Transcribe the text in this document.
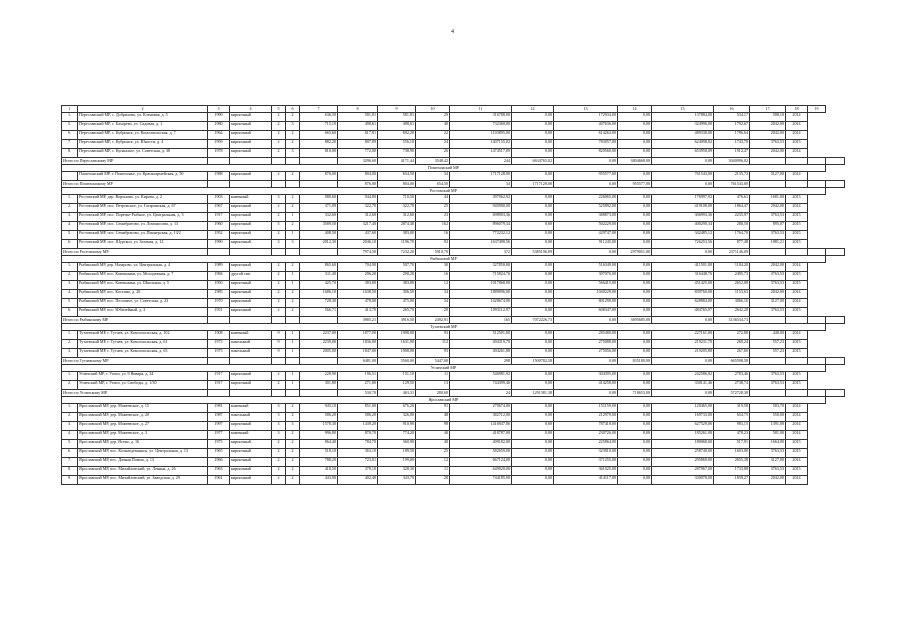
4
1	2	3	4	5	6	7	8	9	10	11	12	13	14	15	16	17	18	19	
1.	Переславский МР, с. Добрилово, ул. Кленовая, д. 5	1990	кирпичный	2	2	636,50	581,81	581,81	29	316788,00	0,00	172934,00	0,00	137884,00	534,17	588,10	2014		
5.	Переславский МР, с. Бахарево, ул. Садовая, д. 1	1980	кирпичный	2	3	715,10	498,61	498,61	40	732360,00	0,00	407636,00	0,00	324996,00	1792,67	2042,00	2014		
6.	Переславский МР, с. Кубринск, ул. Комсомольская, д. 7	1964	кирпичный	2	2	665,60	617,81	692,20	22	1103895,00	0,00	614263,00	0,00	489338,00	1786,64	2042,00	2014		
7.	Переславский МР, с. Кубринск, ул. Юности, д. 4	1959	кирпичный	2	2	882,20	807,09	556,10	24	1407155,02	0,00	783057,00	0,00	624098,02	1743,70	3763,53	2015		
8.	Переславский МР, с. Купанское, ул. Советская, д. 38	1978	кирпичный	2	3	810,00	772,00	738,90	26	1474517,09	0,00	820560,00	0,00	653958,09	1912,47	2042,00	2014		
Итого по Переславскому МР							3296,60	4171,44	3548,42	244	6634765,02	0,00	3804668,00	0,00	3040096,02				
Пошехонский МР																			
	Пошехонский МР, г. Пошехонье, ул. Красноармейская, д. 50	1988	кирпичный	2	2	876,00	804,00	654,50	34	1717128,00	0,00	955577,00	0,00	761543,00	2135,72	3127,00	2014		
Итого по Пошехонскому МР							876,00	804,00	654,50	34	1717128,00	0,00	955577,00	0,00	761543,00				
Ростовский МР																			
1.	Ростовский МР, дер. Воронино, ул. Кирова, д. 2	1903	каменный	3	2	980,60	944,80	710,50	44	397062,92	0,00	226065,00	0,00	176997,92	476,61	1681,00	2015		
2.	Ростовский МР, пос. Петровское, ул. Гагаринская, д. 67	1967	кирпичный	2	2	371,09	322,70	322,70	25	945900,00	0,00	525892,00	0,00	419108,00	1864,47	2942,00	2014		
3.	Ростовский МР, пос. Поречье-Рыбное, ул. Центральная, д. 3	1917	кирпичный	2	1	332,60	312,60	312,60	23	698903,36	0,00	388873,00	0,00	306993,36	2235,97	3763,53	2015		
4.	Ростовский МР, пос. Семибратово, ул. Ломоносова, д. 13	1960	кирпичный	5	2	3589,50	3217,40	2874,40	162	896079,34	0,00	502229,00	0,00	400290,34	280,50	895,07	2015		
5.	Ростовский МР, пос. Семибратово, ул. Пионерская, д. 13/2	1952	кирпичный	2	1	408,50	437,60	383,00	16	772232,12	0,00	429747,00	0,00	342485,12	1764,70	3763,53	2015		
6.	Ростовский МР, пос. Шурскол, ул. Зеленая, д. 12	1990	кирпичный	3	3	2012,30	2046,10	1196,70	92	1637498,56	0,00	911245,00	0,00	726253,56	877,48	1881,21	2015		
Итого по Ростовскому МР							7974,50	7232,20	5910,70	372	5385196,09	0,00	2979051,00	0,00	2371146,09				
Рыбинский МР																			
1.	Рыбинский МР, дер. Назарово, ул. Центральная, д. 4	1989	кирпичный	2	2	865,60	704,90	507,70	30	327850,00	0,00	516349,00	0,00	411501,00	1184,20	2042,00	2014		
2.	Рыбинский МР, пос. Каменники, ул. Молодежная, д. 7	1984	другой тип	2	1	311,40	296,20	290,20	16	715824,76	0,00	397076,00	0,00	316448,76	2495,73	3763,53	2015		
3.	Рыбинский МР, пос. Каменники, ул. Школьная, д. 5	1950	кирпичный	2	1	425,70	383,80	383,80	12	1017868,00	0,00	566415,00	0,00	451425,00	2652,08	3763,53	2015		
4.	Рыбинский МР, пос. Костино, д. 20	1985	кирпичный	2	2	1686,10	1638,50	306,50	34	1889096,00	0,00	1049229,00	0,00	839760,00	1153,63	2042,00	2014		
5.	Рыбинский МР, пос. Песочное, ул. Советская, д. 23	1970	кирпичный	2	2	728,30	478,00	475,00	34	1428674,00	0,00	801290,00	0,00	628884,00	3066,16	3127,00	2014		
6.	Рыбинский МР, пос. Юбилейный, д. 2	1951	кирпичный	2	2	566,71	413,70	265,70	20	1093112,97	0,00	608347,00	0,00	484765,97	2642,28	3763,53	2015		
Итого по Рыбинскому МР							3985,21	3916,50	2492,91	165	7072226,73	0,00	3695685,00	0,00	3136534,73				
Тутаевский МР																			
1.	Тутаевский МР, г. Тутаев, ул. Комсомольская, д. 102	1908	каменный	9	1	2237,00	1877,00	1908,00	93	512501,00	0,00	285480,00	0,00	227161,00	272,88	440,00	2014		
2.	Тутаевский МР, г. Тутаев, ул. Комсомольская, д. 61	1973	панельный	9	1	2239,00	1836,00	1631,00	112	494319,70	0,00	275088,00	0,00	219231,70	269,24	557,23	2015		
3.	Тутаевский МР, г. Тутаев, ул. Комсомольская, д. 63	1975	панельный	9	1	2005,00	1847,00	1908,00	93	494261,88	0,00	275056,00	0,00	219205,88	267,60	557,23	2015		
Итого по Тутаевскому МР							6481,00	5560,00	5447,00	298	1500782,58	0,00	835180,00	0,00	665598,58				
Угличский МР																			
1.	Угличский МР, г. Углич, ул. 9 Января, д. 34	1917	кирпичный	2	1	228,90	196,51	151,10	11	546981,92	0,00	304395,00	0,00	242586,92	2783,46	3763,53	2015		
2.	Угличский МР, г. Углич, ул. Свободы, д. 1/30	1917	кирпичный	2	1	301,80	271,80	129,50	13	744399,46	0,00	414258,00	0,00	330141,46	2738,74	3763,53	2015		
Итого по Угличскому МР							530,70	463,31	280,60	24	1291381,38	0,00	718653,00	0,00	572728,38				
Ярославский МР																			
1.	Ярославский МР, дер. Мокеевское, д. 15	1981	каменный	3	2	945,10	851,00	676,20	91	270674,00	0,00	151159,00	0,00	120465,00	319,58	583,70	2014		
2.	Ярославский МР, дер. Мокеевское, д. 20	1987	панельный	3	2	586,20	586,20	326,00	48	382712,00	0,00	212979,00	0,00	169733,00	654,75	550,00	2014		
3.	Ярославский МР, дер. Мокеевское, д. 27	1997	кирпичный	3	3	1578,30	1439,20	910,90	98	1416947,06	0,00	787418,00	0,00	627529,06	983,15	1391,00	2014		
4.	Ярославский МР, дер. Мокеевское, д. 3	1977	каменный	3	2	996,80	870,70	774,20	40	418787,00	0,00	230726,00	0,00	185261,00	478,23	581,00	2014		
5.	Ярославский МР, дер. Ясено, д. 16	1975	кирпичный	2	2	864,40	784,70	360,90	40	409182,00	0,00	225864,00	0,00	180068,00	517,91	1664,00	2015		
6.	Ярославский МР, пос. Козьмодемьянск, ул. Центральная, д. 13	1965	кирпичный	2	2	518,10	363,10	189,50	25	582659,00	0,00	323910,00	0,00	258749,00	1603,00	3763,53	2015		
7.	Ярославский МР, пос. Дачная Помма, д. 13	1966	кирпичный	2	2	788,20	723,01	199,00	12	667124,00	0,00	371255,00	0,00	295869,00	2655,38	3127,00	2014		
8.	Ярославский МР, пос. Михайловский, ул. Ленина, д. 26	1963	кирпичный	2	2	418,50	378,10	328,30	11	649020,00	0,00	361025,00	0,00	287967,00	1733,88	3763,53	2015		
9.	Ярославский МР, пос. Михайловский, ул. Заводская, д. 29	1961	кирпичный	2	2	443,90	402,40	343,70	28	744185,00	0,00	414117,00	0,00	330078,00	1839,27	2042,00	2014		
